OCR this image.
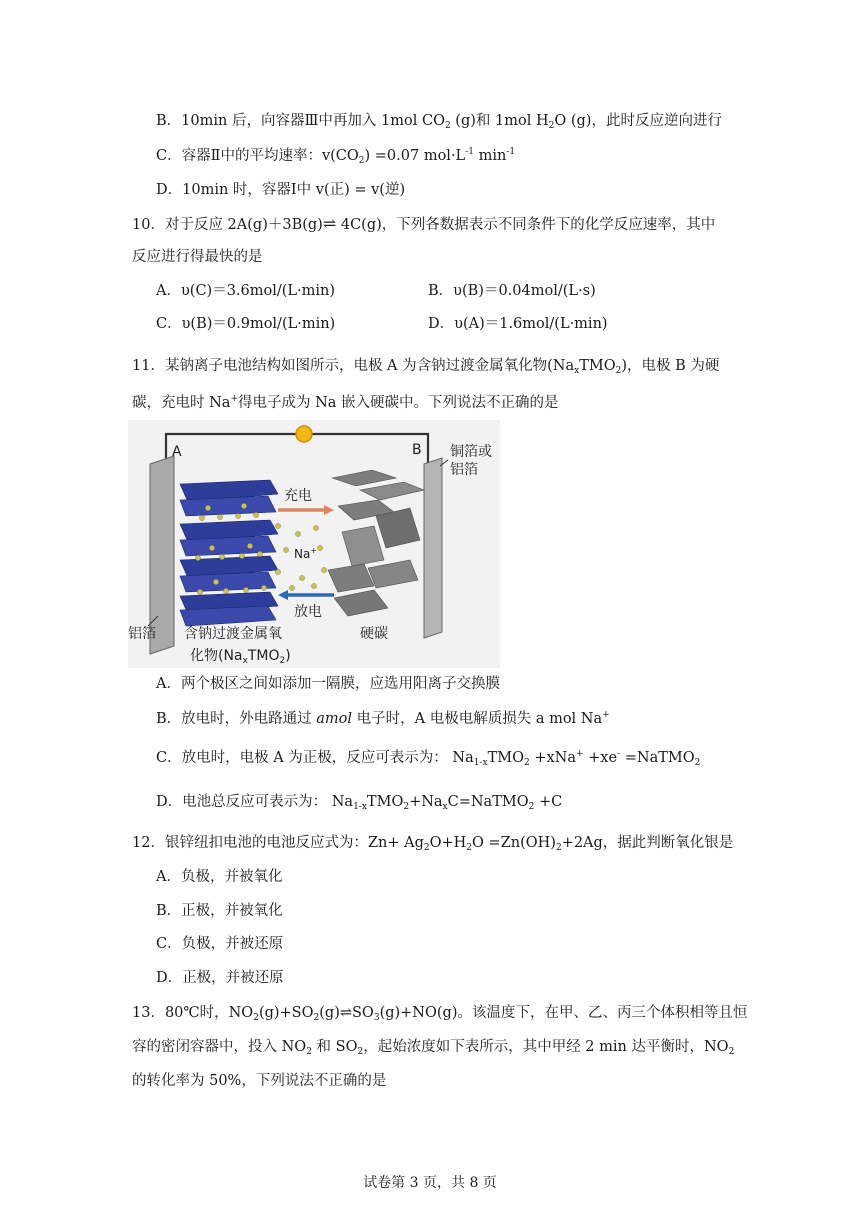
B．10min 后，向容器Ⅲ中再加入 1mol $CO_2$ (g)和 1mol $H_2O$ (g)，此时反应逆向进行
C．容器Ⅱ中的平均速率：$v(CO_2) =0.07$ $mol\cdot L^{-1}$ $\min^{-1}$
D．10min 时，容器Ⅰ中 v(正) = v(逆)
10．对于反应 2A(g)＋3B(g)⇌ 4C(g)，下列各数据表示不同条件下的化学反应速率，其中
反应进行得最快的是
A．υ(C)＝3.6mol/(L·min)	B．υ(B)＝0.04mol/(L·s)
C．υ(B)＝0.9mol/(L·min)	D．υ(A)＝1.6mol/(L·min)
11．某钠离子电池结构如图所示，电极 A 为含钠过渡金属氧化物$(Na_xTMO_2)$，电极 B 为硬
碳，充电时 Na+得电子成为 Na 嵌入硬碳中。下列说法不正确的是
A	B 铜箔或
铝箔
充电
Na+
放电
铝箔 含钠过渡金属氧
化物$(Na_xTMO_2)$
硬碳
A．两个极区之间如添加一隔膜，应选用阳离子交换膜
B．放电时，外电路通过 amol 电子时，A 电极电解质损失 a mol Na+
C．放电时，电极 A 为正极，反应可表示为： $Na_{1-x}TMO_2 +xNa^+ +xe^-$ =NaTMO$_2$
D．电池总反应可表示为： $Na_{1-x}TMO_2+Na_xC=NaTMO_2 +C$
12．银锌纽扣电池的电池反应式为：$Zn+ Ag_2O+H_2O =Zn(OH)_2+2Ag$，据此判断氧化银是
A．负极，并被氧化
B．正极，并被氧化
C．负极，并被还原
D．正极，并被还原
13．80℃时，$NO_2(g)+SO_2(g)\rightleftharpoons SO_3(g)+NO(g)$。该温度下，在甲、乙、丙三个体积相等且恒
容的密闭容器中，投入 $NO_2$ 和 $SO_2$，起始浓度如下表所示，其中甲经 2 min 达平衡时，$NO_2$
的转化率为 50%，下列说法不正确的是
试卷第 3 页，共 8 页
